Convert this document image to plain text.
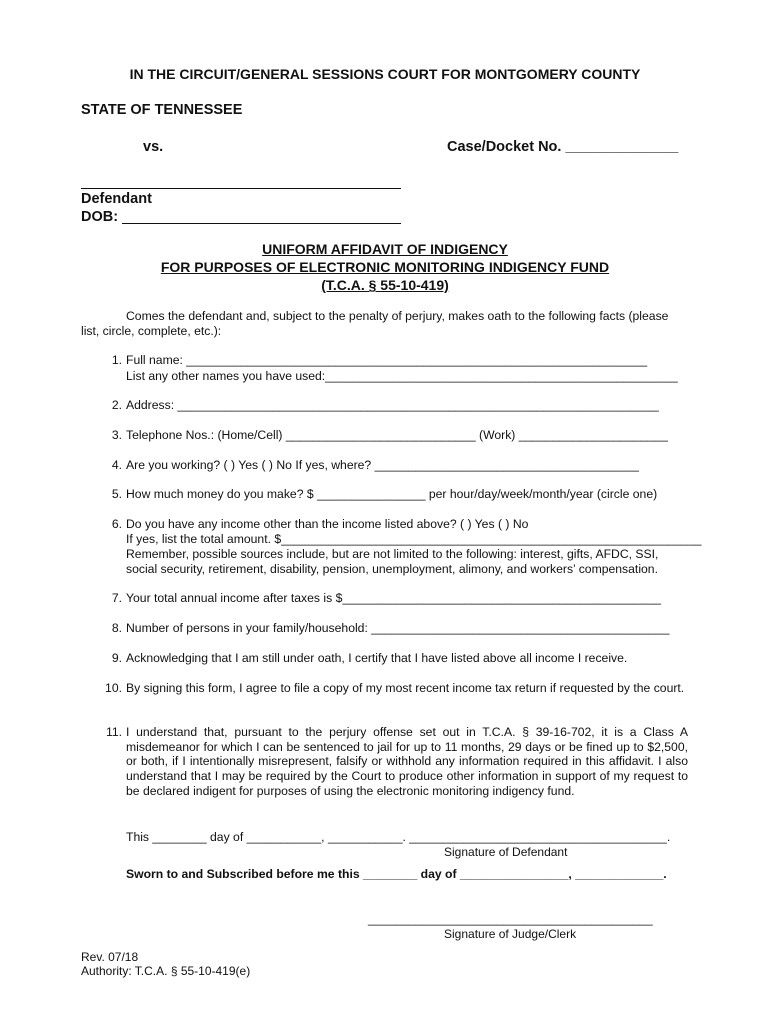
IN THE CIRCUIT/GENERAL SESSIONS COURT FOR MONTGOMERY COUNTY
STATE OF TENNESSEE
vs.	Case/Docket No. ______________
Defendant
DOB:
UNIFORM AFFIDAVIT OF INDIGENCY
FOR PURPOSES OF ELECTRONIC MONITORING INDIGENCY FUND
(T.C.A. § 55-10-419)
Comes the defendant and, subject to the penalty of perjury, makes oath to the following facts (please
list, circle, complete, etc.):
1. Full name: ____________________________________________________________________
List any other names you have used:____________________________________________________
2. Address: _______________________________________________________________________
3. Telephone Nos.: (Home/Cell) ____________________________ (Work) ______________________
4. Are you working? ( ) Yes ( ) No If yes, where? _______________________________________
5. How much money do you make? $ ________________ per hour/day/week/month/year (circle one)
6. Do you have any income other than the income listed above? ( ) Yes ( ) No
If yes, list the total amount. $______________________________________________________________
Remember, possible sources include, but are not limited to the following: interest, gifts, AFDC, SSI,
social security, retirement, disability, pension, unemployment, alimony, and workers’ compensation.
7. Your total annual income after taxes is $_______________________________________________
8. Number of persons in your family/household: ____________________________________________
9. Acknowledging that I am still under oath, I certify that I have listed above all income I receive.
10. By signing this form, I agree to file a copy of my most recent income tax return if requested by the court.
11. I understand that, pursuant to the perjury offense set out in T.C.A. § 39-16-702, it is a Class A misdemeanor for which I can be sentenced to jail for up to 11 months, 29 days or be fined up to $2,500, or both, if I intentionally misrepresent, falsify or withhold any information required in this affidavit. I also understand that I may be required by the Court to produce other information in support of my request to be declared indigent for purposes of using the electronic monitoring indigency fund.
This ________ day of ___________, ___________. ______________________________________.
Signature of Defendant
Sworn to and Subscribed before me this ________ day of ________________, _____________.
__________________________________________
Signature of Judge/Clerk
Rev. 07/18
Authority: T.C.A. § 55-10-419(e)
